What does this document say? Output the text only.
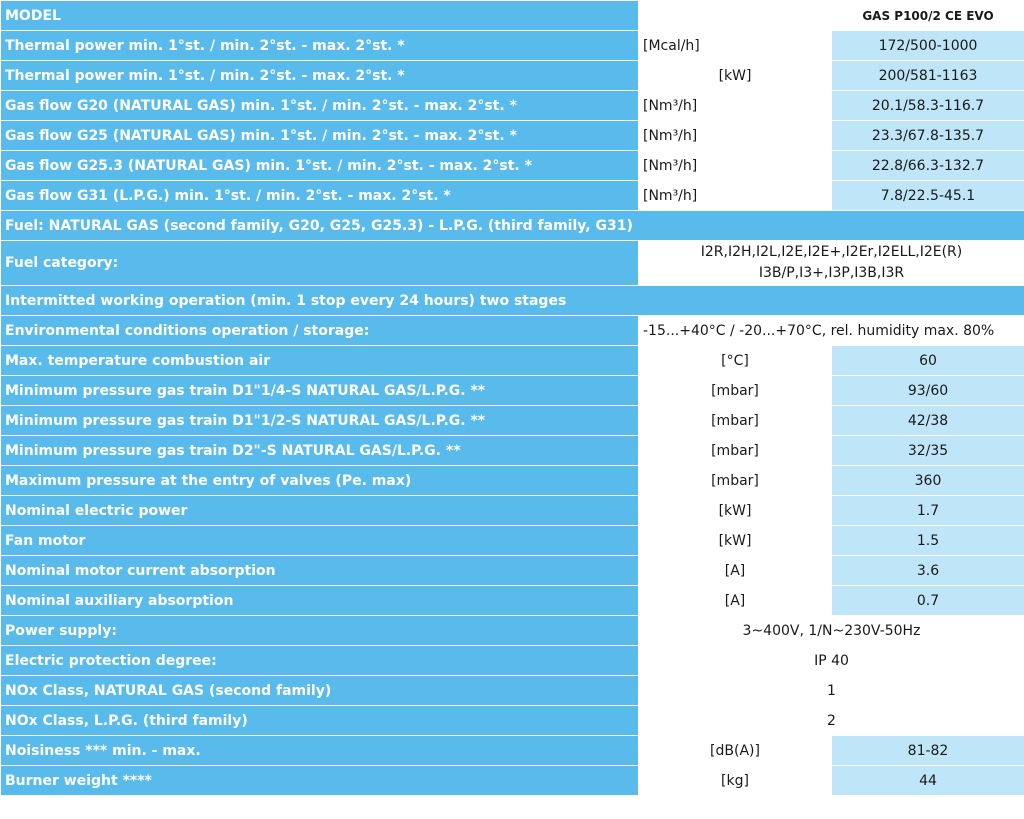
MODEL		GAS P100/2 CE EVO
Thermal power min. 1°st. / min. 2°st. - max. 2°st. *	[Mcal/h]	172/500-1000
Thermal power min. 1°st. / min. 2°st. - max. 2°st. *	[kW]	200/581-1163
Gas flow G20 (NATURAL GAS) min. 1°st. / min. 2°st. - max. 2°st. *	[Nm³/h]	20.1/58.3-116.7
Gas flow G25 (NATURAL GAS) min. 1°st. / min. 2°st. - max. 2°st. *	[Nm³/h]	23.3/67.8-135.7
Gas flow G25.3 (NATURAL GAS) min. 1°st. / min. 2°st. - max. 2°st. *	[Nm³/h]	22.8/66.3-132.7
Gas flow G31 (L.P.G.) min. 1°st. / min. 2°st. - max. 2°st. *	[Nm³/h]	7.8/22.5-45.1
Fuel: NATURAL GAS (second family, G20, G25, G25.3) - L.P.G. (third family, G31)		
Fuel category:	I2R,I2H,I2L,I2E,I2E+,I2Er,I2ELL,I2E(R)
I3B/P,I3+,I3P,I3B,I3R	

Intermitted working operation (min. 1 stop every 24 hours) two stages		
Environmental conditions operation / storage:	-15...+40°C / -20...+70°C, rel. humidity max. 80%	
Max. temperature combustion air	[°C]	60
Minimum pressure gas train D1"1/4-S NATURAL GAS/L.P.G. **	[mbar]	93/60
Minimum pressure gas train D1"1/2-S NATURAL GAS/L.P.G. **	[mbar]	42/38
Minimum pressure gas train D2"-S NATURAL GAS/L.P.G. **	[mbar]	32/35
Maximum pressure at the entry of valves (Pe. max)	[mbar]	360
Nominal electric power	[kW]	1.7
Fan motor	[kW]	1.5
Nominal motor current absorption	[A]	3.6
Nominal auxiliary absorption	[A]	0.7
Power supply:	3~400V, 1/N~230V-50Hz	
Electric protection degree:	IP 40	
NOx Class, NATURAL GAS (second family)	1	
NOx Class, L.P.G. (third family)	2	
Noisiness *** min. - max.	[dB(A)]	81-82
Burner weight ****	[kg]	44
